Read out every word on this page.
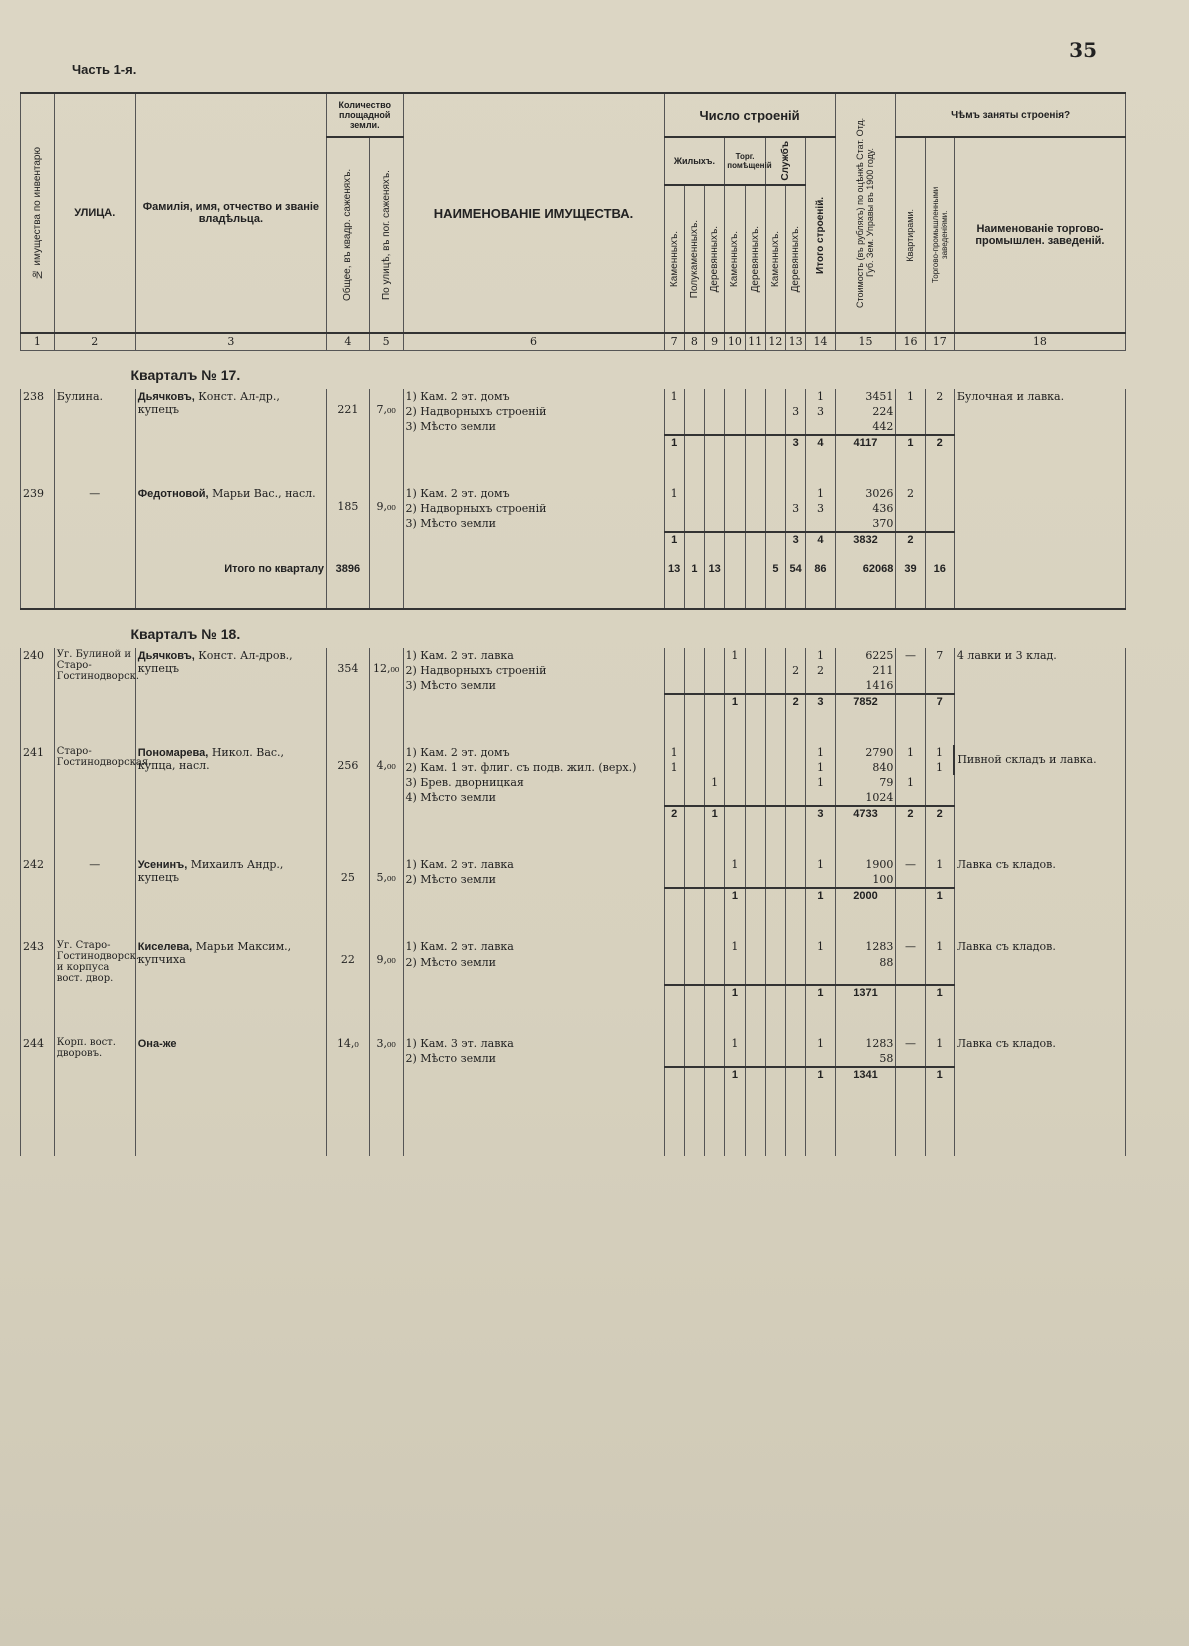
35
Часть 1-я.
№ имущества по инвентарю	УЛИЦА.	Фамилія, имя, отчество и званіе владѣльца.	Количество площадной земли.		НАИМЕНОВАНІЕ ИМУЩЕСТВА.	Число строеній								Стоимость (въ рубляхъ) по оцѣнкѣ Стат. Отд. Губ. Зем. Управы въ 1900 году.	Чѣмъ заняты строенія?		

			Общее, въ квадр. саженяхъ.	По улицѣ, въ пог. саженяхъ.		Жилыхъ.			Торг. помѣщеній		Службъ		Итого строеній.		Квартирами.	Торгово-промышленными заведеніями.	Наименованіе торгово-промышлен. заведеній.

						Каменныхъ.	Полукаменныхъ.	Деревянныхъ.	Каменныхъ.	Деревянныхъ.	Каменныхъ.	Деревянныхъ.					

1	2	3	4	5	6	7	8	9	10	11	12	13	14	15	16	17	18
Кварталъ № 17.																	
238	Булина.	Дьячковъ, Конст. Ал-др., купецъ	221	7,₀₀	1) Кам. 2 эт. домъ	1							1	3451	1	2	Булочная и лавка.
					2) Надворныхъ строеній							3	3	224			
					3) Мѣсто земли									442			
						1						3	4	4117	1	2	

239	—	Федотновой, Марьи Вас., насл.	185	9,₀₀	1) Кам. 2 эт. домъ	1							1	3026	2		
					2) Надворныхъ строеній							3	3	436			
					3) Мѣсто земли									370			
						1						3	4	3832	2		
		Итого по кварталу	3896			13	1	13			5	54	86	62068	39	16	

Кварталъ № 18.																	
240	Уг. Булиной и Старо-Гостинодворск.	Дьячковъ, Конст. Ал-дров., купецъ	354	12,₀₀	1) Кам. 2 эт. лавка				1				1	6225	—	7	4 лавки и 3 клад.
					2) Надворныхъ строеній							2	2	211			
					3) Мѣсто земли									1416			
									1			2	3	7852		7	

241	Старо-Гостинодворская.	Пономарева, Никол. Вас., купца, насл.	256	4,₀₀	1) Кам. 2 эт. домъ	1							1	2790	1	1	Пивной складъ и лавка.
					2) Кам. 1 эт. флиг. съ подв. жил. (верх.)	1							1	840		1	
					3) Брев. дворницкая			1					1	79	1		
					4) Мѣсто земли									1024			
						2		1					3	4733	2	2	

242	—	Усенинъ, Михаилъ Андр., купецъ	25	5,₀₀	1) Кам. 2 эт. лавка				1				1	1900	—	1	Лавка съ кладов.
					2) Мѣсто земли									100			
									1				1	2000		1	

243	Уг. Старо-Гостинодворск. и корпуса вост. двор.	Киселева, Марьи Максим., купчиха	22	9,₀₀	1) Кам. 2 эт. лавка				1				1	1283	—	1	Лавка съ кладов.
					2) Мѣсто земли									88			
									1				1	1371		1	

244	Корп. вост. дворовъ.	Она-же	14,₀	3,₀₀	1) Кам. 3 эт. лавка				1				1	1283	—	1	Лавка съ кладов.
					2) Мѣсто земли									58			
									1				1	1341		1	
